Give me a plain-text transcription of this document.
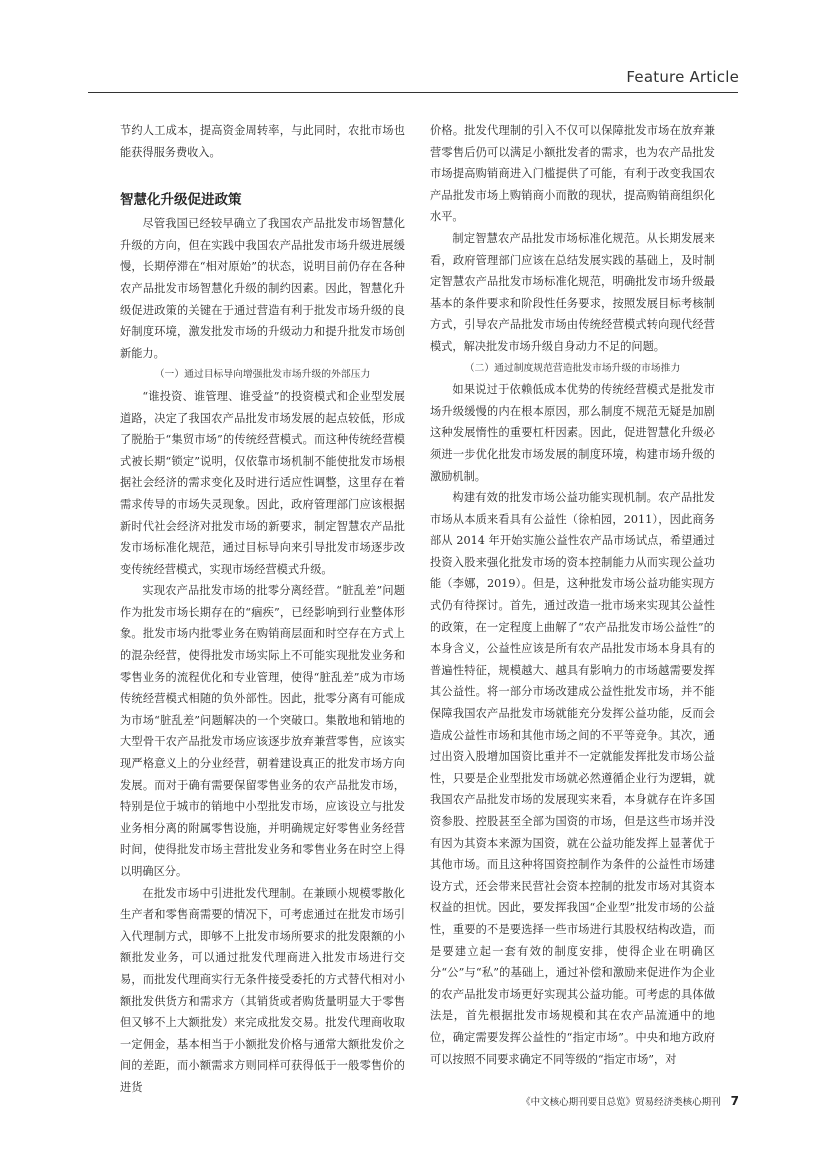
Feature Article

节约人工成本，提高资金周转率，与此同时，农批市场也能获得服务费收入。

智慧化升级促进政策

尽管我国已经较早确立了我国农产品批发市场智慧化升级的方向，但在实践中我国农产品批发市场升级进展缓慢，长期停滞在“相对原始”的状态，说明目前仍存在各种农产品批发市场智慧化升级的制约因素。因此，智慧化升级促进政策的关键在于通过营造有利于批发市场升级的良好制度环境，激发批发市场的升级动力和提升批发市场创新能力。

（一）通过目标导向增强批发市场升级的外部压力

“谁投资、谁管理、谁受益”的投资模式和企业型发展道路，决定了我国农产品批发市场发展的起点较低，形成了脱胎于“集贸市场”的传统经营模式。而这种传统经营模式被长期“锁定”说明，仅依靠市场机制不能使批发市场根据社会经济的需求变化及时进行适应性调整，这里存在着需求传导的市场失灵现象。因此，政府管理部门应该根据新时代社会经济对批发市场的新要求，制定智慧农产品批发市场标准化规范，通过目标导向来引导批发市场逐步改变传统经营模式，实现市场经营模式升级。

实现农产品批发市场的批零分离经营。“脏乱差”问题作为批发市场长期存在的“痼疾”，已经影响到行业整体形象。批发市场内批零业务在购销商层面和时空存在方式上的混杂经营，使得批发市场实际上不可能实现批发业务和零售业务的流程优化和专业管理，使得“脏乱差”成为市场传统经营模式相随的负外部性。因此，批零分离有可能成为市场“脏乱差”问题解决的一个突破口。集散地和销地的大型骨干农产品批发市场应该逐步放弃兼营零售，应该实现严格意义上的分业经营，朝着建设真正的批发市场方向发展。而对于确有需要保留零售业务的农产品批发市场，特别是位于城市的销地中小型批发市场，应该设立与批发业务相分离的附属零售设施，并明确规定好零售业务经营时间，使得批发市场主营批发业务和零售业务在时空上得以明确区分。

在批发市场中引进批发代理制。在兼顾小规模零散化生产者和零售商需要的情况下，可考虑通过在批发市场引入代理制方式，即够不上批发市场所要求的批发限额的小额批发业务，可以通过批发代理商进入批发市场进行交易，而批发代理商实行无条件接受委托的方式替代相对小额批发供货方和需求方（其销货或者购货量明显大于零售但又够不上大额批发）来完成批发交易。批发代理商收取一定佣金，基本相当于小额批发价格与通常大额批发价之间的差距，而小额需求方则同样可获得低于一般零售价的进货

价格。批发代理制的引入不仅可以保障批发市场在放弃兼营零售后仍可以满足小额批发者的需求，也为农产品批发市场提高购销商进入门槛提供了可能，有利于改变我国农产品批发市场上购销商小而散的现状，提高购销商组织化水平。

制定智慧农产品批发市场标准化规范。从长期发展来看，政府管理部门应该在总结发展实践的基础上，及时制定智慧农产品批发市场标准化规范，明确批发市场升级最基本的条件要求和阶段性任务要求，按照发展目标考核制方式，引导农产品批发市场由传统经营模式转向现代经营模式，解决批发市场升级自身动力不足的问题。

（二）通过制度规范营造批发市场升级的市场推力

如果说过于依赖低成本优势的传统经营模式是批发市场升级缓慢的内在根本原因，那么制度不规范无疑是加剧这种发展惰性的重要杠杆因素。因此，促进智慧化升级必须进一步优化批发市场发展的制度环境，构建市场升级的激励机制。

构建有效的批发市场公益功能实现机制。农产品批发市场从本质来看具有公益性（徐柏园，2011），因此商务部从 2014 年开始实施公益性农产品市场试点，希望通过投资入股来强化批发市场的资本控制能力从而实现公益功能（李娜，2019）。但是，这种批发市场公益功能实现方式仍有待探讨。首先，通过改造一批市场来实现其公益性的政策，在一定程度上曲解了“农产品批发市场公益性”的本身含义，公益性应该是所有农产品批发市场本身具有的普遍性特征，规模越大、越具有影响力的市场越需要发挥其公益性。将一部分市场改建成公益性批发市场，并不能保障我国农产品批发市场就能充分发挥公益功能，反而会造成公益性市场和其他市场之间的不平等竞争。其次，通过出资入股增加国资比重并不一定就能发挥批发市场公益性，只要是企业型批发市场就必然遵循企业行为逻辑，就我国农产品批发市场的发展现实来看，本身就存在许多国资参股、控股甚至全部为国资的市场，但是这些市场并没有因为其资本来源为国资，就在公益功能发挥上显著优于其他市场。而且这种将国资控制作为条件的公益性市场建设方式，还会带来民营社会资本控制的批发市场对其资本权益的担忧。因此，要发挥我国“企业型”批发市场的公益性，重要的不是要选择一些市场进行其股权结构改造，而是要建立起一套有效的制度安排，使得企业在明确区分“公”与“私”的基础上，通过补偿和激励来促进作为企业的农产品批发市场更好实现其公益功能。可考虑的具体做法是，首先根据批发市场规模和其在农产品流通中的地位，确定需要发挥公益性的“指定市场”。中央和地方政府可以按照不同要求确定不同等级的“指定市场”，对

《中文核心期刊要目总览》贸易经济类核心期刊 7
